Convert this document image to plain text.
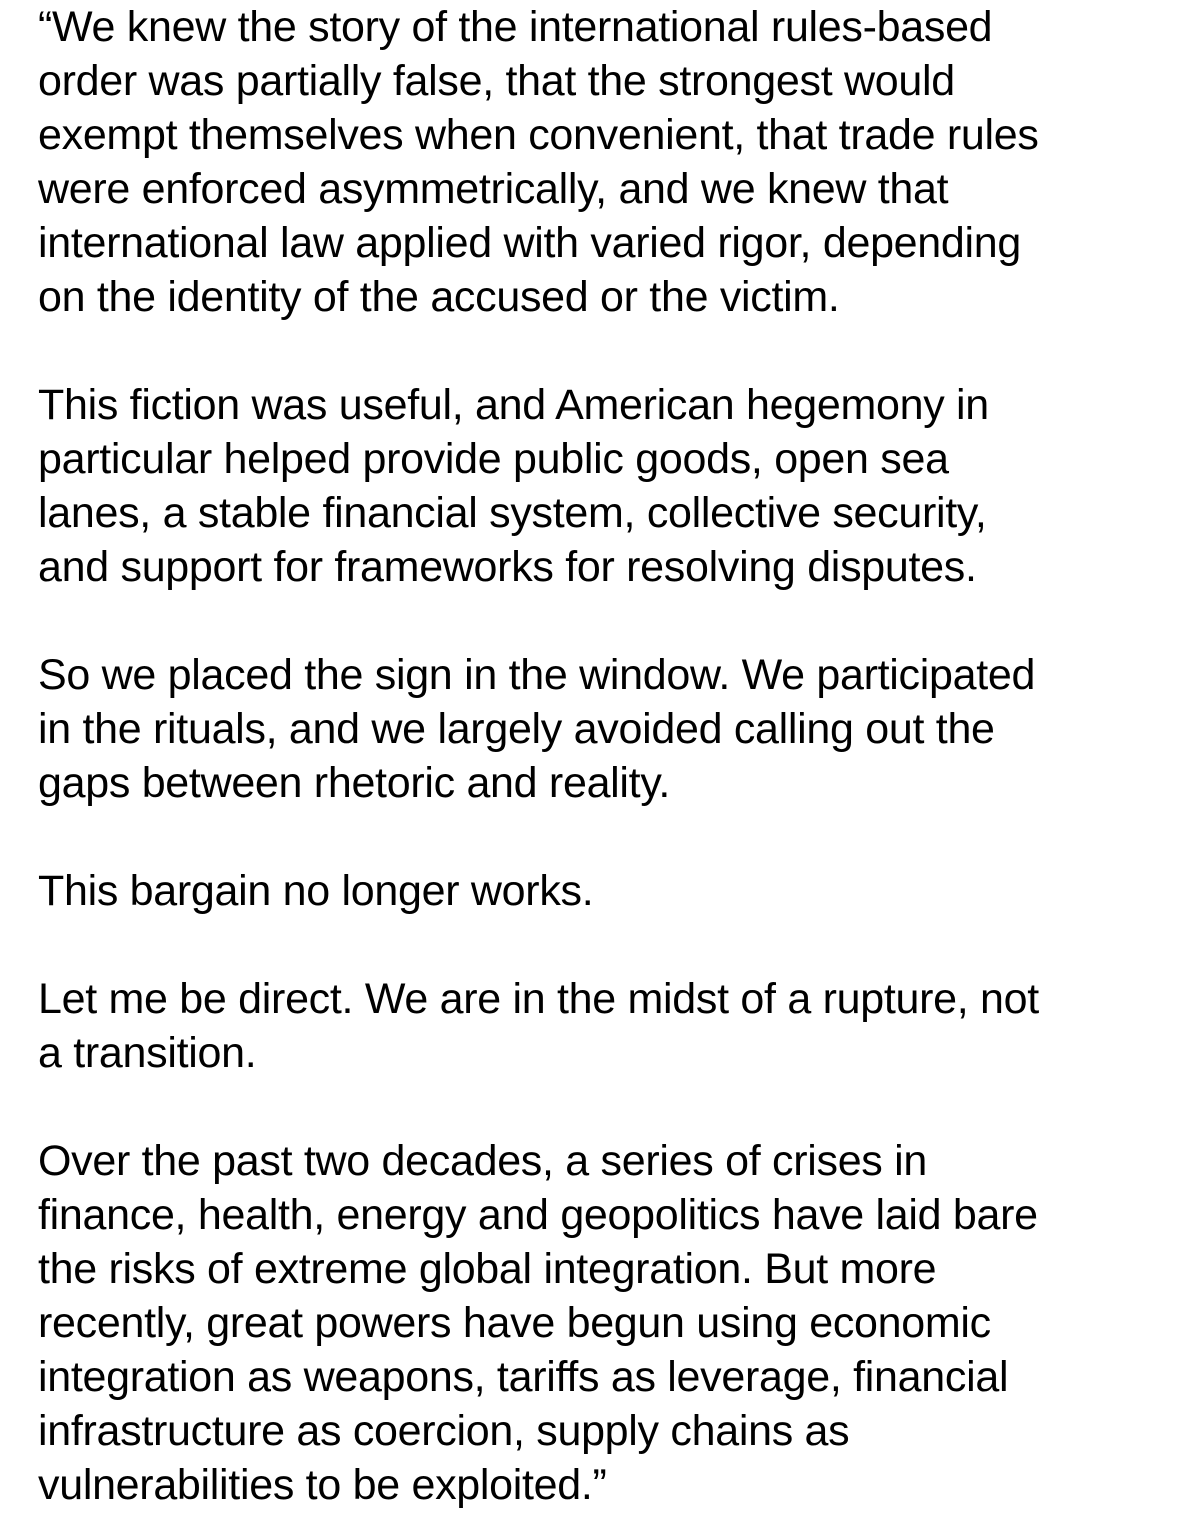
“We knew the story of the international rules-based
order was partially false, that the strongest would
exempt themselves when convenient, that trade rules
were enforced asymmetrically, and we knew that
international law applied with varied rigor, depending
on the identity of the accused or the victim.

This fiction was useful, and American hegemony in
particular helped provide public goods, open sea
lanes, a stable financial system, collective security,
and support for frameworks for resolving disputes.

So we placed the sign in the window. We participated
in the rituals, and we largely avoided calling out the
gaps between rhetoric and reality.

This bargain no longer works.

Let me be direct. We are in the midst of a rupture, not
a transition.

Over the past two decades, a series of crises in
finance, health, energy and geopolitics have laid bare
the risks of extreme global integration. But more
recently, great powers have begun using economic
integration as weapons, tariffs as leverage, financial
infrastructure as coercion, supply chains as
vulnerabilities to be exploited.”
